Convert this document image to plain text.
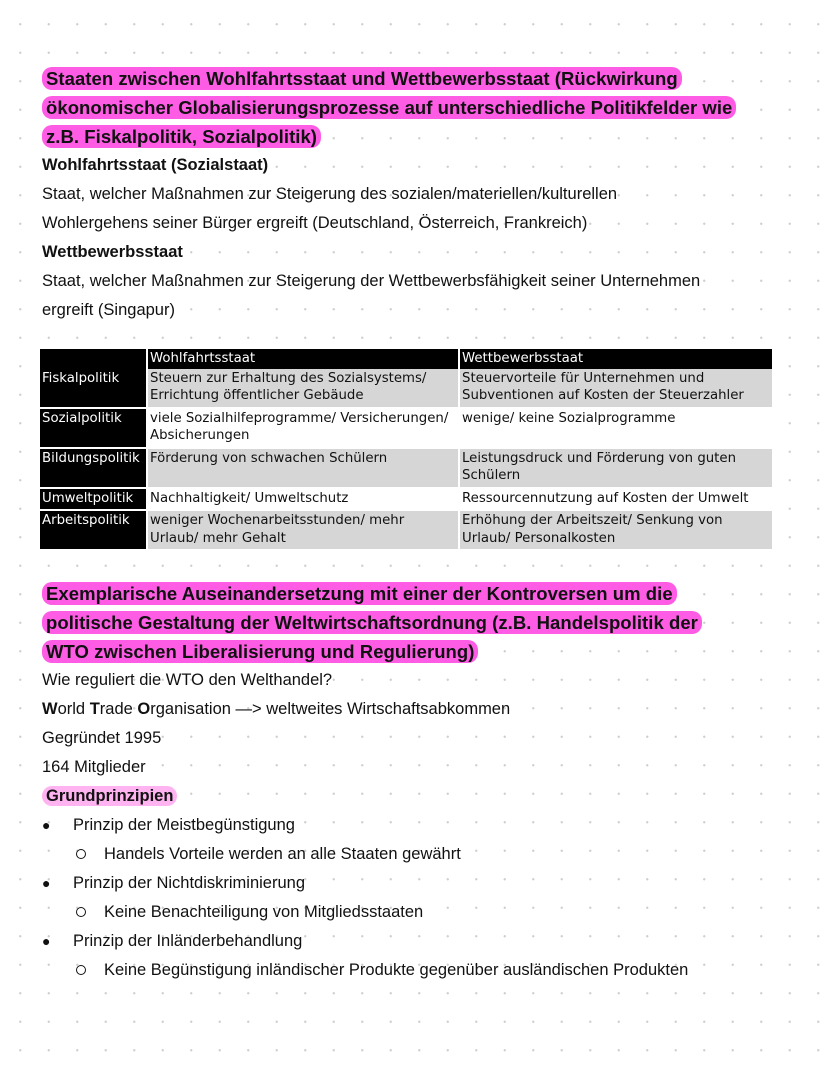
Staaten zwischen Wohlfahrtsstaat und Wettbewerbsstaat (Rückwirkung
ökonomischer Globalisierungsprozesse auf unterschiedliche Politikfelder wie
z.B. Fiskalpolitik, Sozialpolitik)

Wohlfahrtsstaat (Sozialstaat)

Staat, welcher Maßnahmen zur Steigerung des sozialen/materiellen/kulturellen

Wohlergehens seiner Bürger ergreift (Deutschland, Österreich, Frankreich)

Wettbewerbsstaat

Staat, welcher Maßnahmen zur Steigerung der Wettbewerbsfähigkeit seiner Unternehmen

ergreift (Singapur)

	Wohlfahrtsstaat	Wettbewerbsstaat
Fiskalpolitik	Steuern zur Erhaltung des Sozialsystems/ Errichtung öffentlicher Gebäude	Steuervorteile für Unternehmen und Subventionen auf Kosten der Steuerzahler
Sozialpolitik	viele Sozialhilfeprogramme/ Versicherungen/ Absicherungen	wenige/ keine Sozialprogramme
Bildungspolitik	Förderung von schwachen Schülern	Leistungsdruck und Förderung von guten Schülern
Umweltpolitik	Nachhaltigkeit/ Umweltschutz	Ressourcennutzung auf Kosten der Umwelt
Arbeitspolitik	weniger Wochenarbeitsstunden/ mehr Urlaub/ mehr Gehalt	Erhöhung der Arbeitszeit/ Senkung von Urlaub/ Personalkosten
Exemplarische Auseinandersetzung mit einer der Kontroversen um die
politische Gestaltung der Weltwirtschaftsordnung (z.B. Handelspolitik der
WTO zwischen Liberalisierung und Regulierung)

Wie reguliert die WTO den Welthandel?

World Trade Organisation —> weltweites Wirtschaftsabkommen

Gegründet 1995

164 Mitglieder

Grundprinzipien

● Prinzip der Meistbegünstigung
Handels Vorteile werden an alle Staaten gewährt
● Prinzip der Nichtdiskriminierung
Keine Benachteiligung von Mitgliedsstaaten
● Prinzip der Inländerbehandlung
Keine Begünstigung inländischer Produkte gegenüber ausländischen Produkten
